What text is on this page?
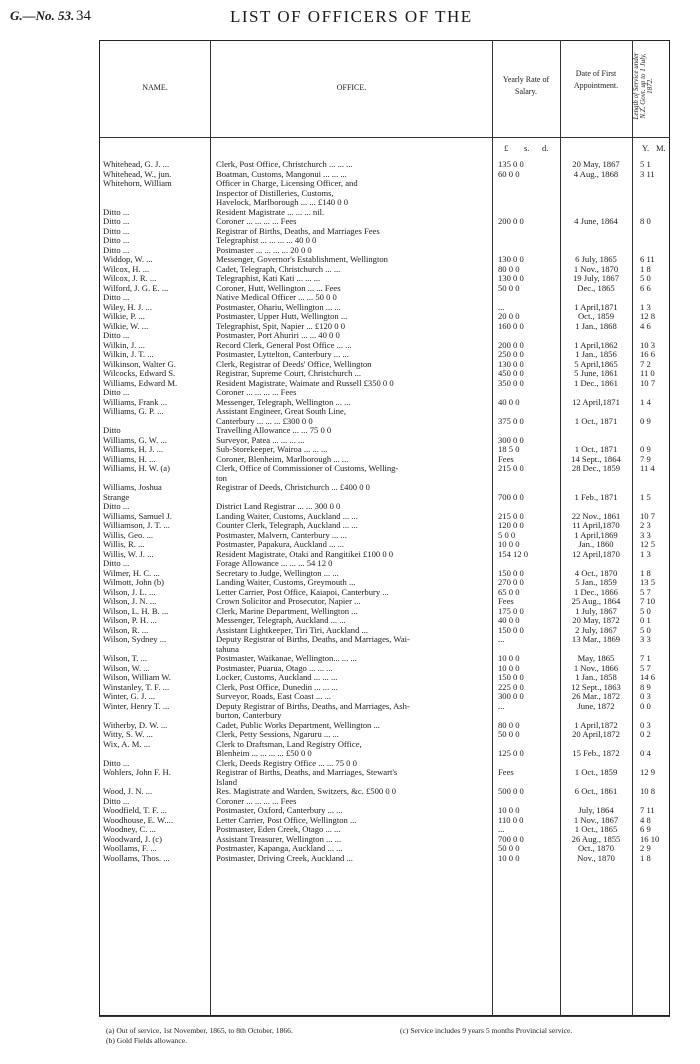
G.—No. 53. 34	LIST OF OFFICERS OF THE
NAME.	OFFICE.
Yearly Rate of Salary.
Date of First Appointment.	Length of Service under N.Z. Govt. up to 1 July, 1872.
£ s. d.	Y. M.
Whitehead, G. J. ...	Clerk, Post Office, Christchurch ... ... ...	135 0 0	20 May, 1867	5 1
Whitehead, W., jun.	Boatman, Customs, Mangonui ... ... ...	60 0 0	4 Aug., 1868	3 11
Whitehorn, William	Officer in Charge, Licensing Officer, and
Inspector of Distilleries, Customs,
Havelock, Marlborough ... ... £140 0 0
Ditto ...	Resident Magistrate ... ... ... nil.
Ditto ...	Coroner ... ... ... ... Fees	200 0 0	4 June, 1864	8 0
Ditto ...	Registrar of Births, Deaths, and Marriages Fees
Ditto ...	Telegraphist ... ... ... ... 40 0 0
Ditto ...	Postmaster ... ... ... ... 20 0 0
Widdop, W. ...	Messenger, Governor's Establishment, Wellington	130 0 0	6 July, 1865	6 11
Wilcox, H. ...	Cadet, Telegraph, Christchurch ... ...	80 0 0	1 Nov., 1870	1 8
Wilcox, J. R. ...	Telegraphist, Kati Kati ... ... ...	130 0 0	19 July, 1867	5 0
Wilford, J. G. E. ...	Coroner, Hutt, Wellington ... ... Fees	50 0 0	Dec., 1865	6 6
Ditto ...	Native Medical Officer ... ... 50 0 0
Wiley, H. J. ...	Postmaster, Ohariu, Wellington ... ...	...	1 April,1871	1 3
Wilkie, P. ...	Postmaster, Upper Hutt, Wellington ...	20 0 0	Oct., 1859	12 8
Wilkie, W. ...	Telegraphist, Spit, Napier ... £120 0 0	160 0 0	1 Jan., 1868	4 6
Ditto ...	Postmaster, Port Ahuriri ... ... 40 0 0
Wilkin, J. ...	Record Clerk, General Post Office ... ...	200 0 0	1 April,1862	10 3
Wilkin, J. T. ...	Postmaster, Lyttelton, Canterbury ... ...	250 0 0	1 Jan., 1856	16 6
Wilkinson, Walter G.	Clerk, Registrar of Deeds' Office, Wellington	130 0 0	5 April,1865	7 2
Wilcocks, Edward S.	Registrar, Supreme Court, Christchurch ...	450 0 0	5 June, 1861	11 0
Williams, Edward M.	Resident Magistrate, Waimate and Russell £350 0 0	350 0 0	1 Dec., 1861	10 7
Ditto ...	Coroner ... ... ... ... Fees
Williams, Frank ...	Messenger, Telegraph, Wellington ... ...	40 0 0	12 April,1871	1 4
Williams, G. P. ...	Assistant Engineer, Great South Line,
Canterbury ... ... ... £300 0 0	375 0 0	1 Oct., 1871	0 9
Ditto	Travelling Allowance ... ... 75 0 0
Williams, G. W. ...	Surveyor, Patea ... ... ... ...	300 0 0
Williams, H. J. ...	Sub-Storekeeper, Wairoa ... ... ...	18 5 0	1 Oct., 1871	0 9
Williams, H. ...	Coroner, Blenheim, Marlborough ... ...	Fees	14 Sept., 1864	7 9
Williams, H. W. (a)	Clerk, Office of Commissioner of Customs, Welling-	215 0 0	28 Dec., 1859	11 4
ton
Williams, Joshua	Registrar of Deeds, Christchurch ... £400 0 0
Strange	700 0 0	1 Feb., 1871	1 5
Ditto ...	District Land Registrar ... ... 300 0 0
Williams, Samuel J.	Landing Waiter, Customs, Auckland ... ...	215 0 0	22 Nov., 1861	10 7
Williamson, J. T. ...	Counter Clerk, Telegraph, Auckland ... ...	120 0 0	11 April,1870	2 3
Willis, Geo. ...	Postmaster, Malvern, Canterbury ... ...	5 0 0	1 April,1869	3 3
Willis, R. ...	Postmaster, Papakura, Auckland ... ...	10 0 0	Jan., 1860	12 5
Willis, W. J. ...	Resident Magistrate, Otaki and Rangitikei £100 0 0	154 12 0	12 April,1870	1 3
Ditto ...	Forage Allowance ... ... ... 54 12 0
Wilmer, H. C. ...	Secretary to Judge, Wellington ... ...	150 0 0	4 Oct., 1870	1 8
Wilmott, John (b)	Landing Waiter, Customs, Greymouth ...	270 0 0	5 Jan., 1859	13 5
Wilson, J. L. ...	Letter Carrier, Post Office, Kaiapoi, Canterbury ...	65 0 0	1 Dec., 1866	5 7
Wilson, J. N. ...	Crown Solicitor and Prosecutor, Napier ...	Fees	25 Aug., 1864	7 10
Wilson, L. H. B. ...	Clerk, Marine Department, Wellington ...	175 0 0	1 July, 1867	5 0
Wilson, P. H. ...	Messenger, Telegraph, Auckland ... ...	40 0 0	20 May, 1872	0 1
Wilson, R. ...	Assistant Lightkeeper, Tiri Tiri, Auckland ...	150 0 0	2 July, 1867	5 0
Wilson, Sydney ...	Deputy Registrar of Births, Deaths, and Marriages, Wai-	...	13 Mar., 1869	3 3
tahuna
Wilson, T. ...	Postmaster, Waikanae, Wellington... ... ...	10 0 0	May, 1865	7 1
Wilson, W. ...	Postmaster, Puarua, Otago ... ... ...	10 0 0	1 Nov., 1866	5 7
Wilson, William W.	Locker, Customs, Auckland ... ... ...	150 0 0	1 Jan., 1858	14 6
Winstanley, T. F. ...	Clerk, Post Office, Dunedin ... ... ...	225 0 0	12 Sept., 1863	8 9
Winter, G. J. ...	Surveyor, Roads, East Coast ... ...	300 0 0	26 Mar., 1872	0 3
Winter, Henry T. ...	Deputy Registrar of Births, Deaths, and Marriages, Ash-	...	June, 1872	0 0
burton, Canterbury
Witherby, D. W. ...	Cadet, Public Works Department, Wellington ...	80 0 0	1 April,1872	0 3
Witty, S. W. ...	Clerk, Petty Sessions, Ngaruru ... ...	50 0 0	20 April,1872	0 2
Wix, A. M. ...	Clerk to Draftsman, Land Registry Office,
Blenheim ... ... ... ... £50 0 0	125 0 0	15 Feb., 1872	0 4
Ditto ...	Clerk, Deeds Registry Office ... ... 75 0 0
Wohlers, John F. H.	Registrar of Births, Deaths, and Marriages, Stewart's	Fees	1 Oct., 1859	12 9
Island
Wood, J. N. ...	Res. Magistrate and Warden, Switzers, &c. £500 0 0	500 0 0	6 Oct., 1861	10 8
Ditto ...	Coroner ... ... ... ... Fees
Woodfield, T. F. ...	Postmaster, Oxford, Canterbury ... ...	10 0 0	July, 1864	7 11
Woodhouse, E. W....	Letter Carrier, Post Office, Wellington ...	110 0 0	1 Nov., 1867	4 8
Woodney, C. ...	Postmaster, Eden Creek, Otago ... ...	...	1 Oct., 1865	6 9
Woodward, J. (c)	Assistant Treasurer, Wellington ... ...	700 0 0	26 Aug., 1855	16 10
Woollams, F. ...	Postmaster, Kapanga, Auckland ... ...	50 0 0	Oct., 1870	2 9
Woollams, Thos. ...	Postmaster, Driving Creek, Auckland ...	10 0 0	Nov., 1870	1 8
(a) Out of service, 1st November, 1865, to 8th October, 1866.
(b) Gold Fields allowance.
(c) Service includes 9 years 5 months Provincial service.
